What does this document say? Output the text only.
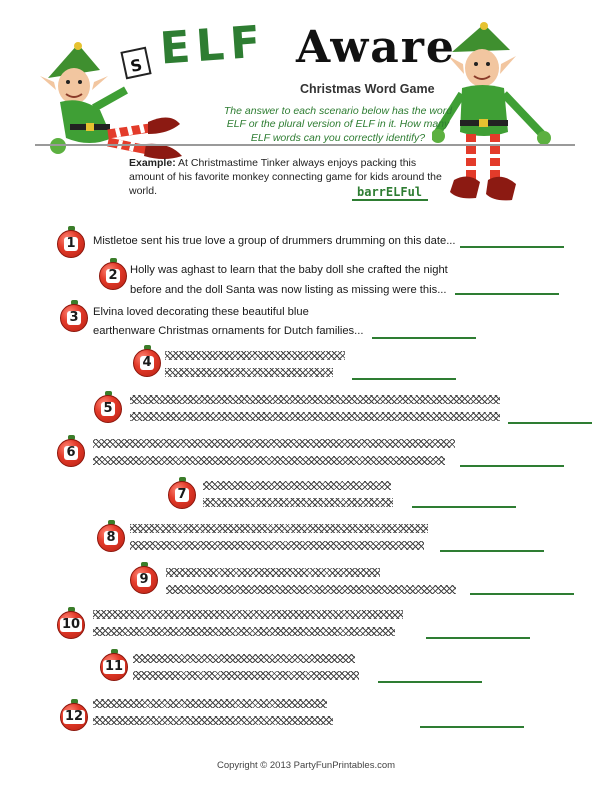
S ELF Aware
Christmas Word Game
The answer to each scenario below has the word ELF or the plural version of ELF in it. How many ELF words can you correctly identify?
Example: At Christmastime Tinker always enjoys packing this amount of his favorite monkey connecting game for kids around the world.	barrELFul
1 Mistletoe sent his true love a group of drummers drumming on this date...
2 Holly was aghast to learn that the baby doll she crafted the night
before and the doll Santa was now listing as missing were this...
3 Elvina loved decorating these beautiful blue
earthenware Christmas ornaments for Dutch families...
4
5
6
7
8
9
10
11
12
Copyright © 2013 PartyFunPrintables.com
